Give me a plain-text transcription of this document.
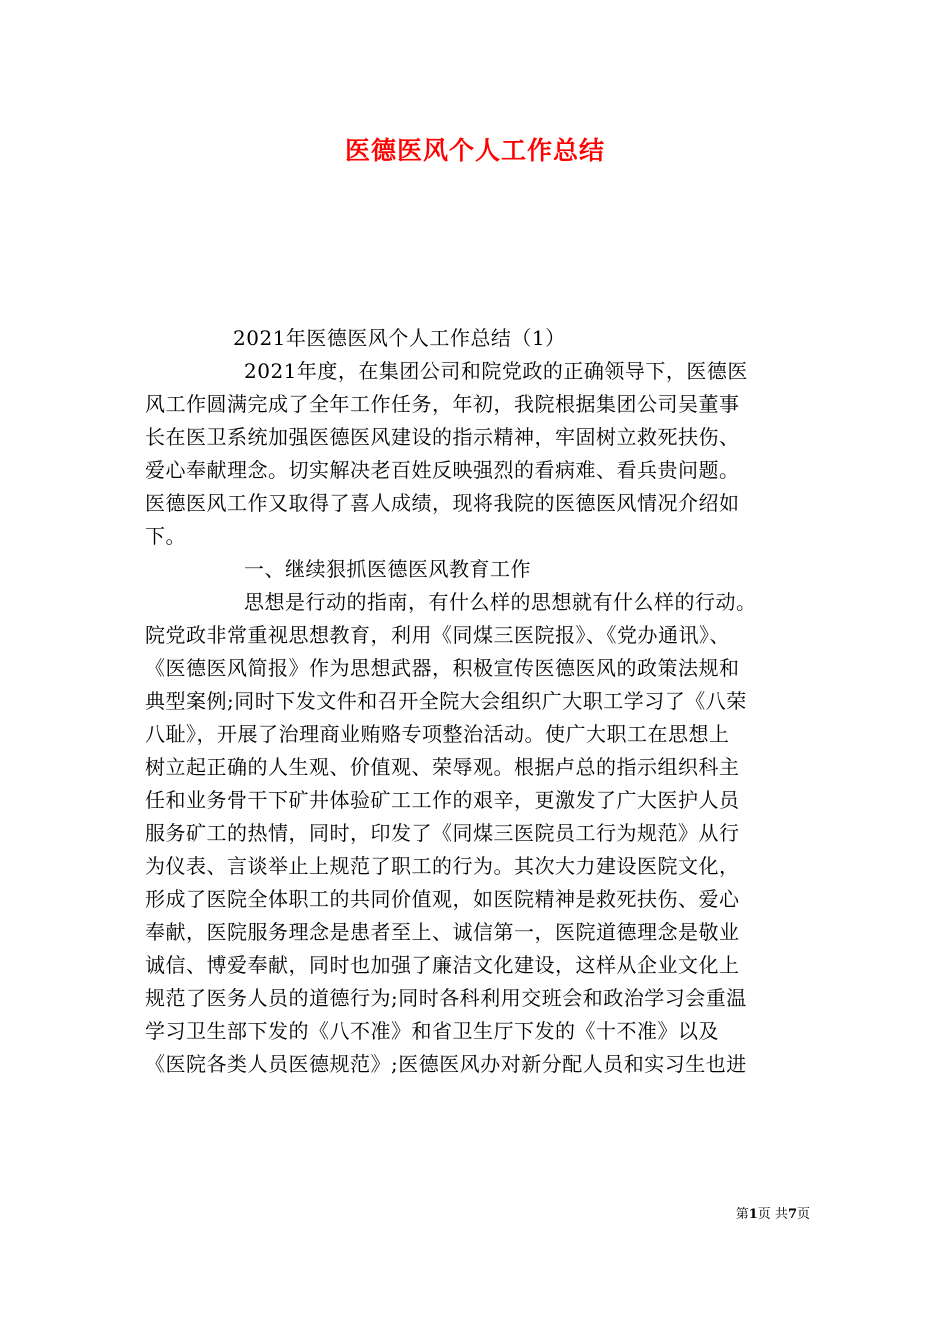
医德医风个人工作总结
2021年医德医风个人工作总结（1）
2021年度，在集团公司和院党政的正确领导下，医德医
风工作圆满完成了全年工作任务，年初，我院根据集团公司吴董事
长在医卫系统加强医德医风建设的指示精神，牢固树立救死扶伤、
爱心奉献理念。切实解决老百姓反映强烈的看病难、看兵贵问题。
医德医风工作又取得了喜人成绩，现将我院的医德医风情况介绍如
下。
一、继续狠抓医德医风教育工作
思想是行动的指南，有什么样的思想就有什么样的行动。
院党政非常重视思想教育，利用《同煤三医院报》、《党办通讯》、
《医德医风简报》作为思想武器，积极宣传医德医风的政策法规和
典型案例;同时下发文件和召开全院大会组织广大职工学习了《八荣
八耻》，开展了治理商业贿赂专项整治活动。使广大职工在思想上
树立起正确的人生观、价值观、荣辱观。根据卢总的指示组织科主
任和业务骨干下矿井体验矿工工作的艰辛，更激发了广大医护人员
服务矿工的热情，同时，印发了《同煤三医院员工行为规范》从行
为仪表、言谈举止上规范了职工的行为。其次大力建设医院文化，
形成了医院全体职工的共同价值观，如医院精神是救死扶伤、爱心
奉献，医院服务理念是患者至上、诚信第一，医院道德理念是敬业
诚信、博爱奉献，同时也加强了廉洁文化建设，这样从企业文化上
规范了医务人员的道德行为;同时各科利用交班会和政治学习会重温
学习卫生部下发的《八不准》和省卫生厅下发的《十不准》以及
《医院各类人员医德规范》;医德医风办对新分配人员和实习生也进
第1页 共7页
